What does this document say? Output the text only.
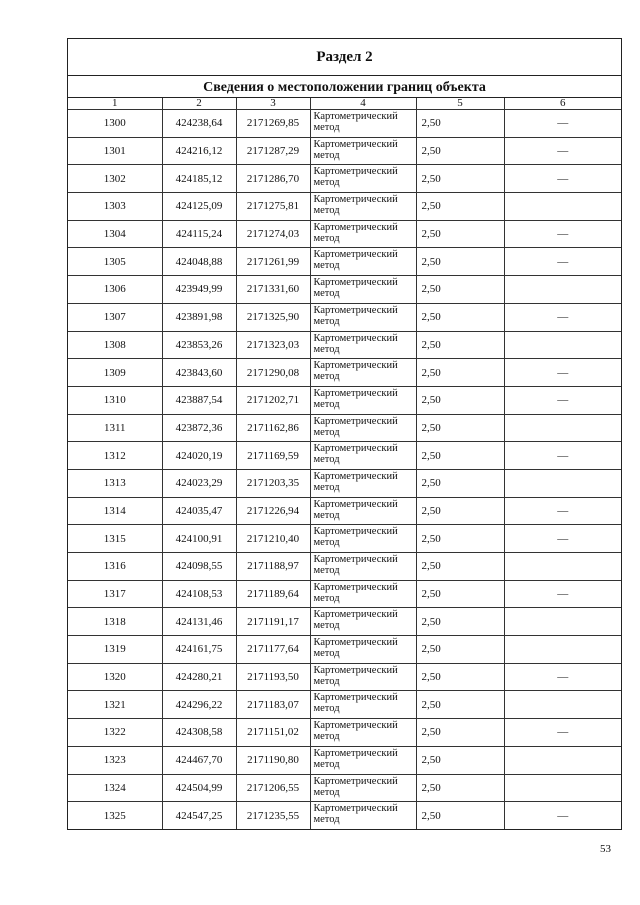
Раздел 2
Сведения о местоположении границ объекта
1	2	3	4	5	6
1300	424238,64	2171269,85	Картометрический метод	2,50	—
1301	424216,12	2171287,29	Картометрический метод	2,50	—
1302	424185,12	2171286,70	Картометрический метод	2,50	—
1303	424125,09	2171275,81	Картометрический метод	2,50	
1304	424115,24	2171274,03	Картометрический метод	2,50	—
1305	424048,88	2171261,99	Картометрический метод	2,50	—
1306	423949,99	2171331,60	Картометрический метод	2,50	
1307	423891,98	2171325,90	Картометрический метод	2,50	—
1308	423853,26	2171323,03	Картометрический метод	2,50	
1309	423843,60	2171290,08	Картометрический метод	2,50	—
1310	423887,54	2171202,71	Картометрический метод	2,50	—
1311	423872,36	2171162,86	Картометрический метод	2,50	
1312	424020,19	2171169,59	Картометрический метод	2,50	—
1313	424023,29	2171203,35	Картометрический метод	2,50	
1314	424035,47	2171226,94	Картометрический метод	2,50	—
1315	424100,91	2171210,40	Картометрический метод	2,50	—
1316	424098,55	2171188,97	Картометрический метод	2,50	
1317	424108,53	2171189,64	Картометрический метод	2,50	—
1318	424131,46	2171191,17	Картометрический метод	2,50	
1319	424161,75	2171177,64	Картометрический метод	2,50	
1320	424280,21	2171193,50	Картометрический метод	2,50	—
1321	424296,22	2171183,07	Картометрический метод	2,50	
1322	424308,58	2171151,02	Картометрический метод	2,50	—
1323	424467,70	2171190,80	Картометрический метод	2,50	
1324	424504,99	2171206,55	Картометрический метод	2,50	
1325	424547,25	2171235,55	Картометрический метод	2,50	—
53
